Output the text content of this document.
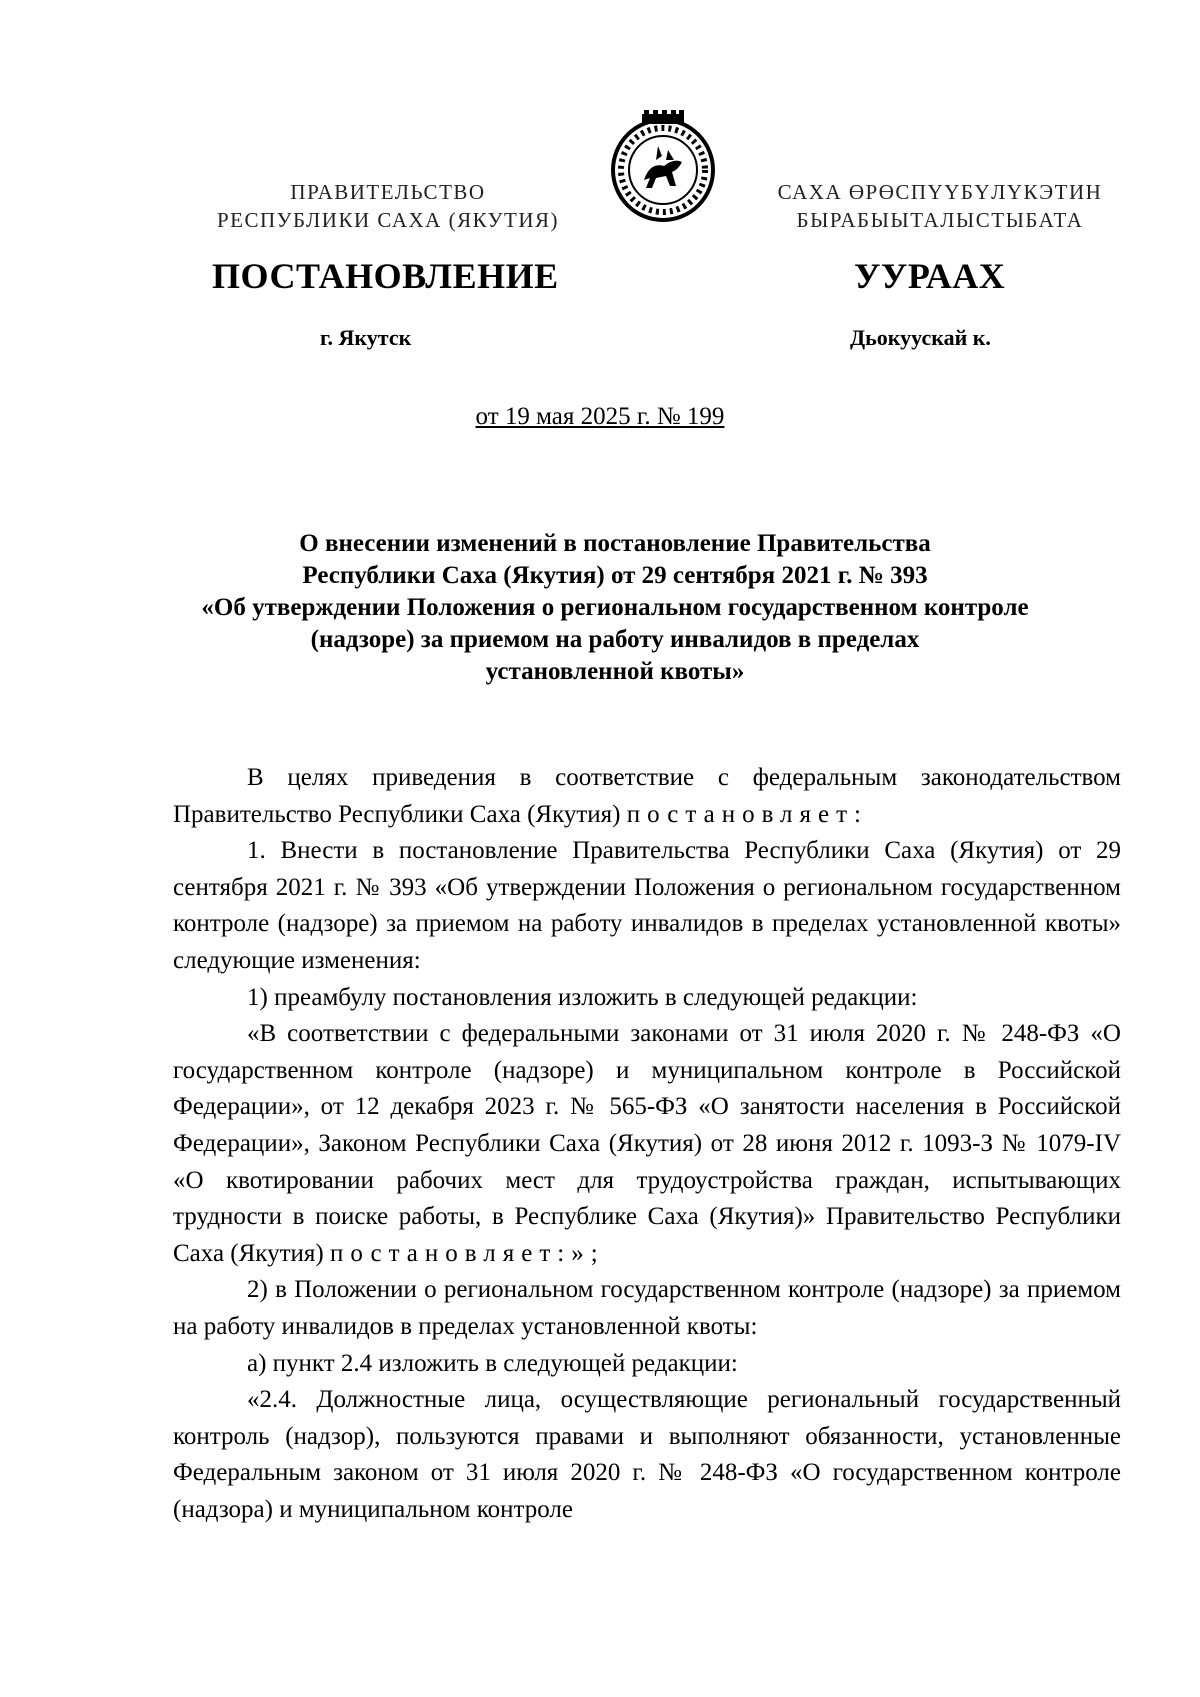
ПРАВИТЕЛЬСТВО
РЕСПУБЛИКИ САХА (ЯКУТИЯ)
САХА ӨРӨСПҮҮБҮЛҮКЭТИН
БЫРАБЫЫТАЛЫСТЫБАТА
ПОСТАНОВЛЕНИЕ	УУРААХ
г. Якутск	Дьокуускай к.
от 19 мая 2025 г. № 199
О внесении изменений в постановление Правительства
Республики Саха (Якутия) от 29 сентября 2021 г. № 393
«Об утверждении Положения о региональном государственном контроле
(надзоре) за приемом на работу инвалидов в пределах
установленной квоты»

В целях приведения в соответствие с федеральным законодательством Правительство Республики Саха (Якутия) постановляет:

1. Внести в постановление Правительства Республики Саха (Якутия) от 29 сентября 2021 г. № 393 «Об утверждении Положения о региональном государственном контроле (надзоре) за приемом на работу инвалидов в пределах установленной квоты» следующие изменения:

1) преамбулу постановления изложить в следующей редакции:

«В соответствии с федеральными законами от 31 июля 2020 г. № 248-ФЗ «О государственном контроле (надзоре) и муниципальном контроле в Российской Федерации», от 12 декабря 2023 г. № 565-ФЗ «О занятости населения в Российской Федерации», Законом Республики Саха (Якутия) от 28 июня 2012 г. 1093-З № 1079-IV «О квотировании рабочих мест для трудоустройства граждан, испытывающих трудности в поиске работы, в Республике Саха (Якутия)» Правительство Республики Саха (Якутия) постановляет:»;

2) в Положении о региональном государственном контроле (надзоре) за приемом на работу инвалидов в пределах установленной квоты:

а) пункт 2.4 изложить в следующей редакции:

«2.4. Должностные лица, осуществляющие региональный государственный контроль (надзор), пользуются правами и выполняют обязанности, установленные Федеральным законом от 31 июля 2020 г. № 248-ФЗ «О государственном контроле (надзора) и муниципальном контроле
